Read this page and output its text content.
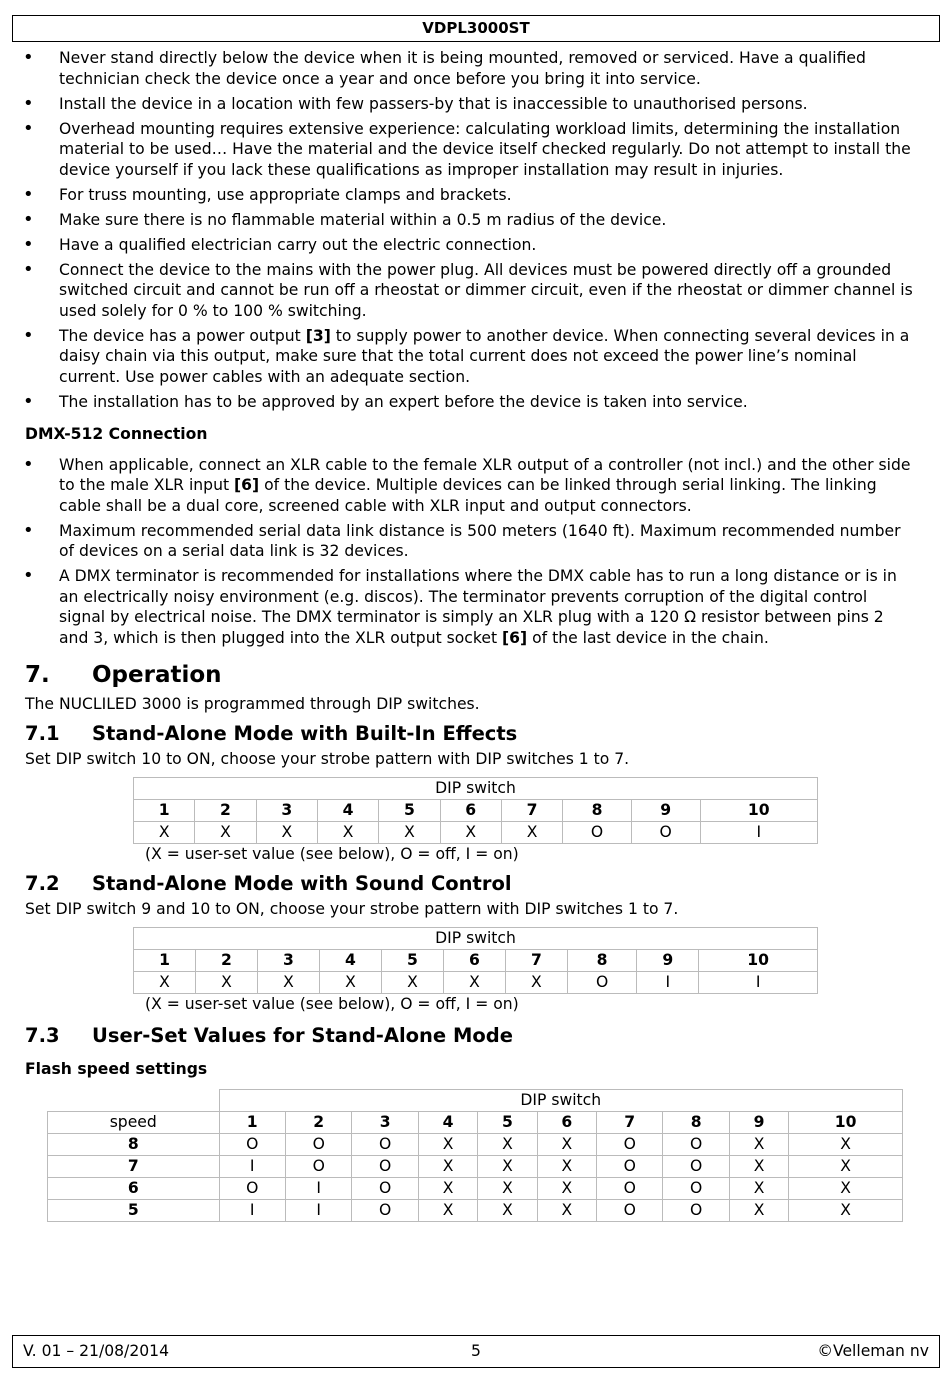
VDPL3000ST
• Never stand directly below the device when it is being mounted, removed or serviced. Have a qualified technician check the device once a year and once before you bring it into service.
• Install the device in a location with few passers-by that is inaccessible to unauthorised persons.
• Overhead mounting requires extensive experience: calculating workload limits, determining the installation material to be used… Have the material and the device itself checked regularly. Do not attempt to install the device yourself if you lack these qualifications as improper installation may result in injuries.
• For truss mounting, use appropriate clamps and brackets.
• Make sure there is no flammable material within a 0.5 m radius of the device.
• Have a qualified electrician carry out the electric connection.
• Connect the device to the mains with the power plug. All devices must be powered directly off a grounded switched circuit and cannot be run off a rheostat or dimmer circuit, even if the rheostat or dimmer channel is used solely for 0 % to 100 % switching.
• The device has a power output [3] to supply power to another device. When connecting several devices in a daisy chain via this output, make sure that the total current does not exceed the power line’s nominal current. Use power cables with an adequate section.
• The installation has to be approved by an expert before the device is taken into service.
DMX-512 Connection
• When applicable, connect an XLR cable to the female XLR output of a controller (not incl.) and the other side to the male XLR input [6] of the device. Multiple devices can be linked through serial linking. The linking cable shall be a dual core, screened cable with XLR input and output connectors.
• Maximum recommended serial data link distance is 500 meters (1640 ft). Maximum recommended number of devices on a serial data link is 32 devices.
• A DMX terminator is recommended for installations where the DMX cable has to run a long distance or is in an electrically noisy environment (e.g. discos). The terminator prevents corruption of the digital control signal by electrical noise. The DMX terminator is simply an XLR plug with a 120 Ω resistor between pins 2 and 3, which is then plugged into the XLR output socket [6] of the last device in the chain.
7. Operation

The NUCLILED 3000 is programmed through DIP switches.

7.1 Stand-Alone Mode with Built-In Effects

Set DIP switch 10 to ON, choose your strobe pattern with DIP switches 1 to 7.

DIP switch									
1	2	3	4	5	6	7	8	9	10
X	X	X	X	X	X	X	O	O	I
(X = user-set value (see below), O = off, I = on)
7.2 Stand-Alone Mode with Sound Control

Set DIP switch 9 and 10 to ON, choose your strobe pattern with DIP switches 1 to 7.

DIP switch									
1	2	3	4	5	6	7	8	9	10
X	X	X	X	X	X	X	O	I	I
(X = user-set value (see below), O = off, I = on)
7.3 User-Set Values for Stand-Alone Mode
Flash speed settings
	DIP switch									
speed	1	2	3	4	5	6	7	8	9	10
8	O	O	O	X	X	X	O	O	X	X
7	I	O	O	X	X	X	O	O	X	X
6	O	I	O	X	X	X	O	O	X	X
5	I	I	O	X	X	X	O	O	X	X
V. 01 – 21/08/2014	5	©Velleman nv
